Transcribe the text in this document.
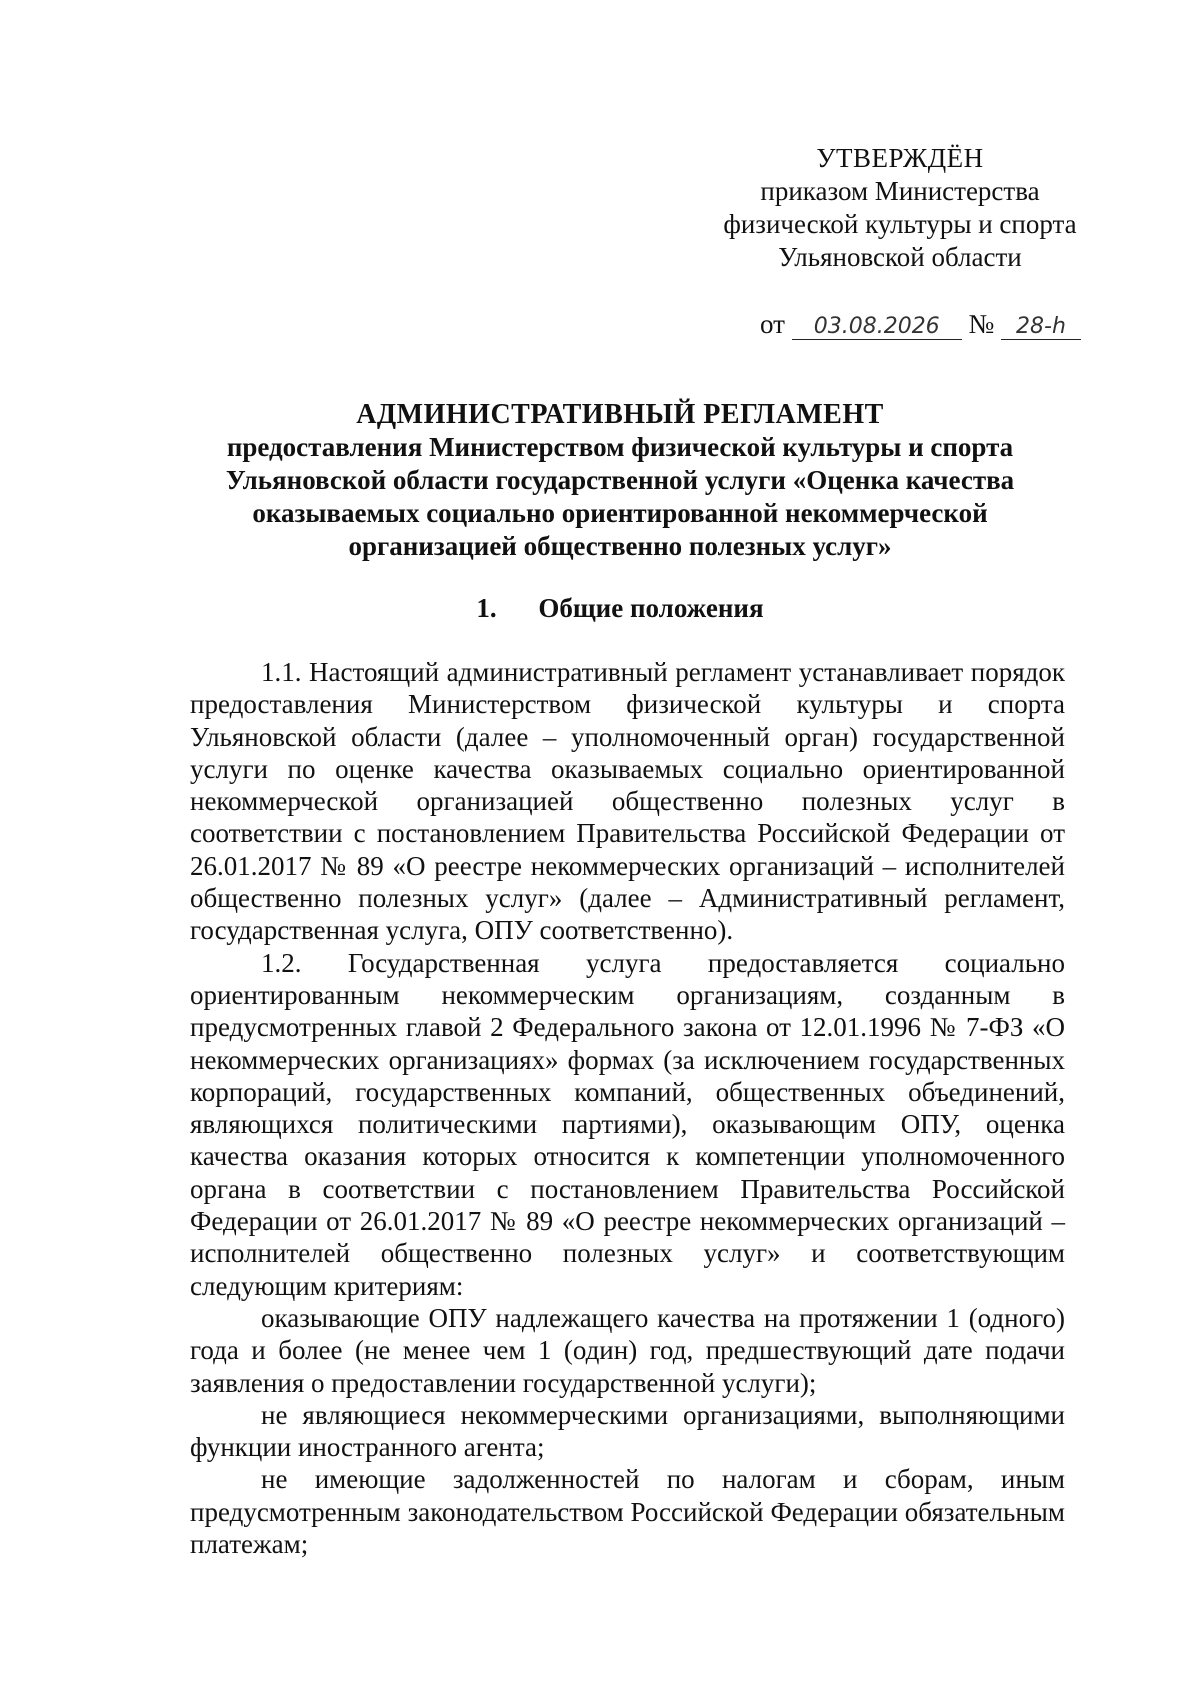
УТВЕРЖДЁН
приказом Министерства
физической культуры и спорта
Ульяновской области
от 03.08.2026 № 28-h
АДМИНИСТРАТИВНЫЙ РЕГЛАМЕНТ
предоставления Министерством физической культуры и спорта Ульяновской области государственной услуги «Оценка качества оказываемых социально ориентированной некоммерческой организацией общественно полезных услуг»
1. Общие положения

1.1. Настоящий административный регламент устанавливает порядок предоставления Министерством физической культуры и спорта Ульяновской области (далее – уполномоченный орган) государственной услуги по оценке качества оказываемых социально ориентированной некоммерческой организацией общественно полезных услуг в соответствии с постановлением Правительства Российской Федерации от 26.01.2017 № 89 «О реестре некоммерческих организаций – исполнителей общественно полезных услуг» (далее – Административный регламент, государственная услуга, ОПУ соответственно).

1.2. Государственная услуга предоставляется социально ориентированным некоммерческим организациям, созданным в предусмотренных главой 2 Федерального закона от 12.01.1996 № 7-ФЗ «О некоммерческих организациях» формах (за исключением государственных корпораций, государственных компаний, общественных объединений, являющихся политическими партиями), оказывающим ОПУ, оценка качества оказания которых относится к компетенции уполномоченного органа в соответствии с постановлением Правительства Российской Федерации от 26.01.2017 № 89 «О реестре некоммерческих организаций – исполнителей общественно полезных услуг» и соответствующим следующим критериям:

оказывающие ОПУ надлежащего качества на протяжении 1 (одного) года и более (не менее чем 1 (один) год, предшествующий дате подачи заявления о предоставлении государственной услуги);

не являющиеся некоммерческими организациями, выполняющими функции иностранного агента;

не имеющие задолженностей по налогам и сборам, иным предусмотренным законодательством Российской Федерации обязательным платежам;
